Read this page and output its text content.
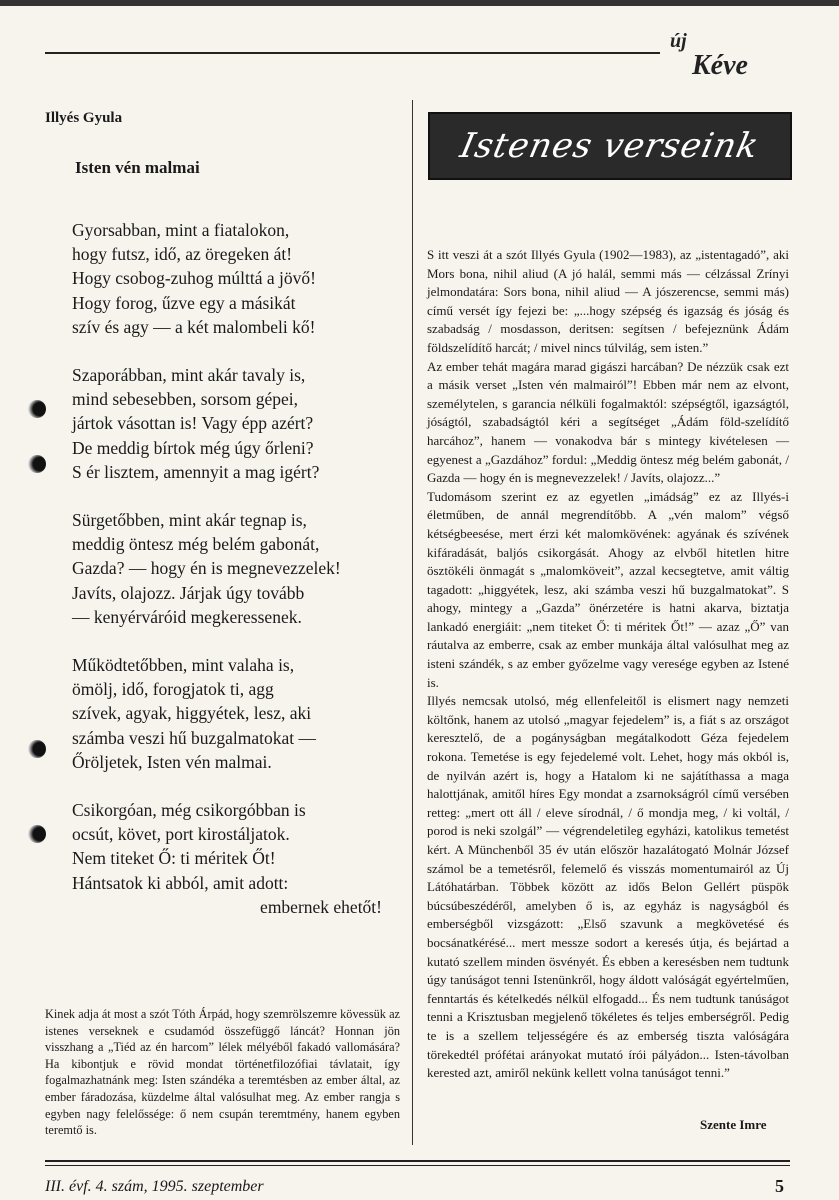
új
Kéve
Illyés Gyula
Isten vén malmai
Gyorsabban, mint a fiatalokon,
hogy futsz, idő, az öregeken át!
Hogy csobog-zuhog múlttá a jövő!
Hogy forog, űzve egy a másikát
szív és agy — a két malombeli kő!
Szaporábban, mint akár tavaly is,
mind sebesebben, sorsom gépei,
jártok vásottan is! Vagy épp azért?
De meddig bírtok még úgy őrleni?
S ér lisztem, amennyit a mag igért?
Sürgetőbben, mint akár tegnap is,
meddig öntesz még belém gabonát,
Gazda? — hogy én is megnevezzelek!
Javíts, olajozz. Járjak úgy tovább
— kenyérváróid megkeressenek.
Működtetőbben, mint valaha is,
ömölj, idő, forogjatok ti, agg
szívek, agyak, higgyétek, lesz, aki
számba veszi hű buzgalmatokat —
Őröljetek, Isten vén malmai.
Csikorgóan, még csikorgóbban is
ocsút, követ, port kirostáljatok.
Nem titeket Ő: ti méritek Őt!
Hántsatok ki abból, amit adott:
embernek ehetőt!
Kinek adja át most a szót Tóth Árpád, hogy szemrölszemre kövessük az istenes verseknek e csudamód összefüggő láncát? Honnan jön visszhang a „Tiéd az én harcom” lélek mélyéből fakadó vallomására? Ha kibontjuk e rövid mondat történetfilozófiai távlatait, így fogalmazhatnánk meg: Isten szándéka a teremtésben az ember által, az ember fáradozása, küzdelme által valósulhat meg. Az ember rangja s egyben nagy felelőssége: ő nem csupán teremtmény, hanem egyben teremtő is.
Istenes verseink

S itt veszi át a szót Illyés Gyula (1902—1983), az „istentagadó”, aki Mors bona, nihil aliud (A jó halál, semmi más — célzással Zrínyi jelmondatára: Sors bona, nihil aliud — A jószerencse, semmi más) című versét így fejezi be: „...hogy szépség és igazság és jóság és szabadság / mosdasson, deritsen: segítsen / befejeznünk Ádám földszelídítő harcát; / mivel nincs túlvilág, sem isten.”

Az ember tehát magára marad gigászi harcában? De nézzük csak ezt a másik verset „Isten vén malmairól”! Ebben már nem az elvont, személytelen, s garancia nélküli fogalmaktól: szépségtől, igazságtól, jóságtól, szabadságtól kéri a segítséget „Ádám föld-szelídítő harcához”, hanem — vonakodva bár s mintegy kivételesen — egyenest a „Gazdához” fordul: „Meddig öntesz még belém gabonát, / Gazda — hogy én is megnevezzelek! / Javíts, olajozz...”

Tudomásom szerint ez az egyetlen „imádság” ez az Illyés-i életműben, de annál megrendítőbb. A „vén malom” végső kétségbeesése, mert érzi két malomkövének: agyának és szívének kifáradását, baljós csikorgását. Ahogy az elvből hitetlen hitre ösztökéli önmagát s „malomköveit”, azzal kecsegtetve, amit váltig tagadott: „higgyétek, lesz, aki számba veszi hű buzgalmatokat”. S ahogy, mintegy a „Gazda” önérzetére is hatni akarva, biztatja lankadó energiáit: „nem titeket Ő: ti méritek Őt!” — azaz „Ő” van ráutalva az emberre, csak az ember munkája által valósulhat meg az isteni szándék, s az ember győzelme vagy veresége egyben az Istené is.

Illyés nemcsak utolsó, még ellenfeleitől is elismert nagy nemzeti költőnk, hanem az utolsó „magyar fejedelem” is, a fiát s az országot keresztelő, de a pogányságban megátalkodott Géza fejedelem rokona. Temetése is egy fejedelemé volt. Lehet, hogy más okból is, de nyilván azért is, hogy a Hatalom ki ne sajátíthassa a maga halottjának, amitől híres Egy mondat a zsarnokságról című versében retteg: „mert ott áll / eleve sírodnál, / ő mondja meg, / ki voltál, / porod is neki szolgál” — végrendeletileg egyházi, katolikus temetést kért. A Münchenből 35 év után először hazalátogató Molnár József számol be a temetésről, felemelő és visszás momentumairól az Új Látóhatárban. Többek között az idős Belon Gellért püspök búcsúbeszédéről, amelyben ő is, az egyház is nagyságból és emberségből vizsgázott: „Első szavunk a megkövetésé és bocsánatkérésé... mert messze sodort a keresés útja, és bejártad a kutató szellem minden ösvényét. És ebben a keresésben nem tudtunk úgy tanúságot tenni Istenünkről, hogy áldott valóságát egyértelműen, fenntartás és kételkedés nélkül elfogadd... És nem tudtunk tanúságot tenni a Krisztusban megjelenő tökéletes és teljes emberségről. Pedig te is a szellem teljességére és az emberség tiszta valóságára törekedtél prófétai arányokat mutató írói pályádon... Isten-távolban kerested azt, amiről nekünk kellett volna tanúságot tenni.”

Szente Imre
III. évf. 4. szám, 1995. szeptember	5
